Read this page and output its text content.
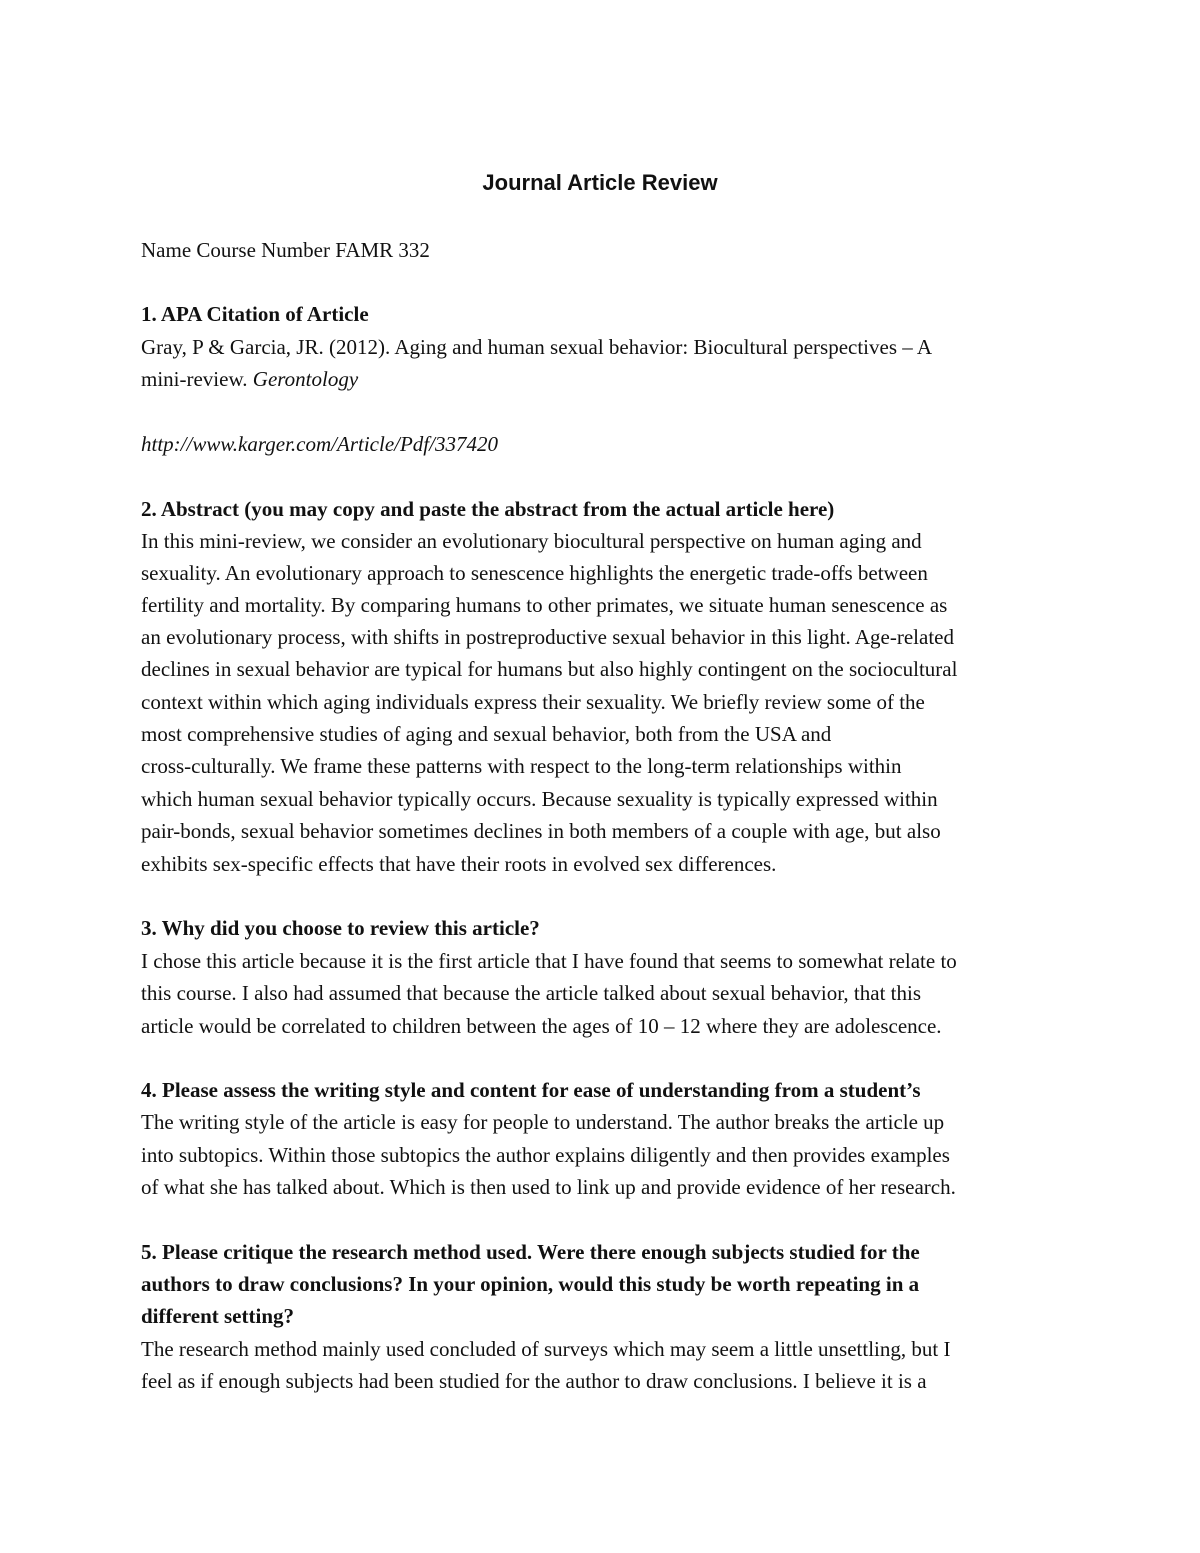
Journal Article Review

Name Course Number FAMR 332

1. APA Citation of Article

Gray, P & Garcia, JR. (2012). Aging and human sexual behavior: Biocultural perspectives – A

mini-review. Gerontology

http://www.karger.com/Article/Pdf/337420

2. Abstract (you may copy and paste the abstract from the actual article here)

In this mini-review, we consider an evolutionary biocultural perspective on human aging and

sexuality. An evolutionary approach to senescence highlights the energetic trade-offs between

fertility and mortality. By comparing humans to other primates, we situate human senescence as

an evolutionary process, with shifts in postreproductive sexual behavior in this light. Age-related

declines in sexual behavior are typical for humans but also highly contingent on the sociocultural

context within which aging individuals express their sexuality. We briefly review some of the

most comprehensive studies of aging and sexual behavior, both from the USA and

cross-culturally. We frame these patterns with respect to the long-term relationships within

which human sexual behavior typically occurs. Because sexuality is typically expressed within

pair-bonds, sexual behavior sometimes declines in both members of a couple with age, but also

exhibits sex-specific effects that have their roots in evolved sex differences.

3. Why did you choose to review this article?

I chose this article because it is the first article that I have found that seems to somewhat relate to

this course. I also had assumed that because the article talked about sexual behavior, that this

article would be correlated to children between the ages of 10 – 12 where they are adolescence.

4. Please assess the writing style and content for ease of understanding from a student’s

The writing style of the article is easy for people to understand. The author breaks the article up

into subtopics. Within those subtopics the author explains diligently and then provides examples

of what she has talked about. Which is then used to link up and provide evidence of her research.

5. Please critique the research method used. Were there enough subjects studied for the

authors to draw conclusions? In your opinion, would this study be worth repeating in a

different setting?

The research method mainly used concluded of surveys which may seem a little unsettling, but I

feel as if enough subjects had been studied for the author to draw conclusions. I believe it is a
